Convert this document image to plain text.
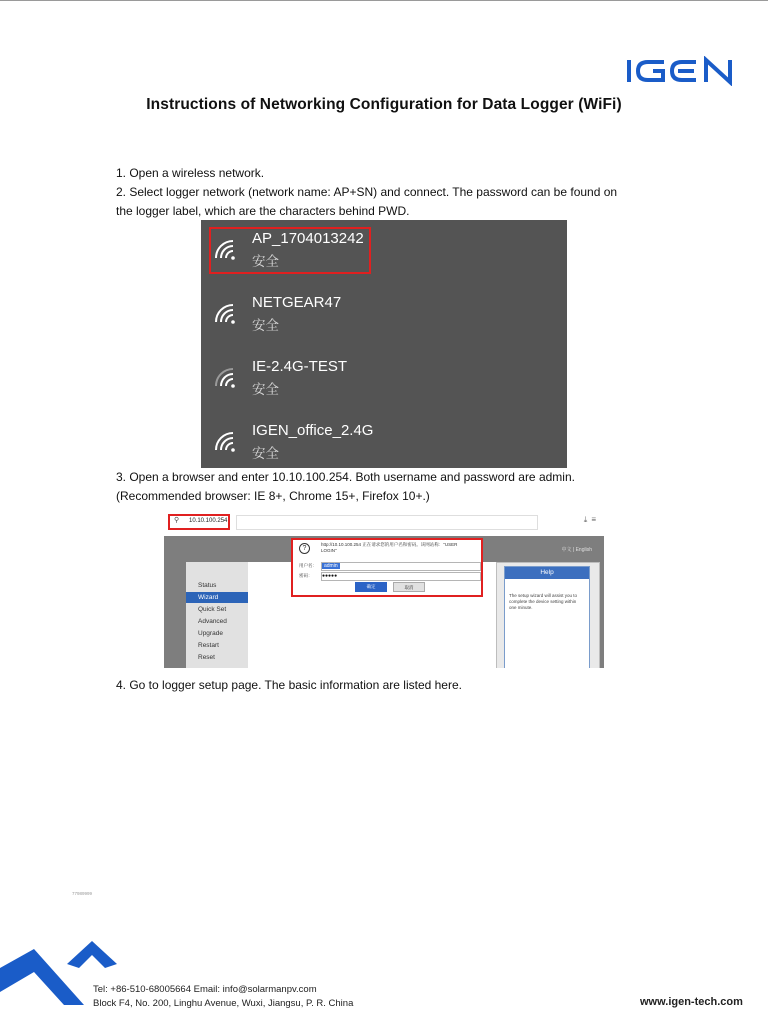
Instructions of Networking Configuration for Data Logger (WiFi)
1. Open a wireless network.
2. Select logger network (network name: AP+SN) and connect. The password can be found on
the logger label, which are the characters behind PWD.
AP_1704013242
安全
NETGEAR47
安全
IE-2.4G-TEST
安全
IGEN_office_2.4G
安全
3. Open a browser and enter 10.10.100.254. Both username and password are admin.
(Recommended browser: IE 8+, Chrome 15+, Firefox 10+.)
⚲ 10.10.100.254	⤓≡
中文 | English
Status
Wizard
Quick Set
Advanced
Upgrade
Restart
Reset
Help
The setup wizard will assist you to complete the device setting within one minute.
?
http://10.10.100.254 正在请求您的用户名和密码。该网站称："USER LOGIN"
用户名：	admin
密码： ●●●●●
确定	取消
4. Go to logger setup page. The basic information are listed here.
77989999
Tel: +86-510-68005664 Email: info@solarmanpv.com
Block F4, No. 200, Linghu Avenue, Wuxi, Jiangsu, P. R. China	www.igen-tech.com
